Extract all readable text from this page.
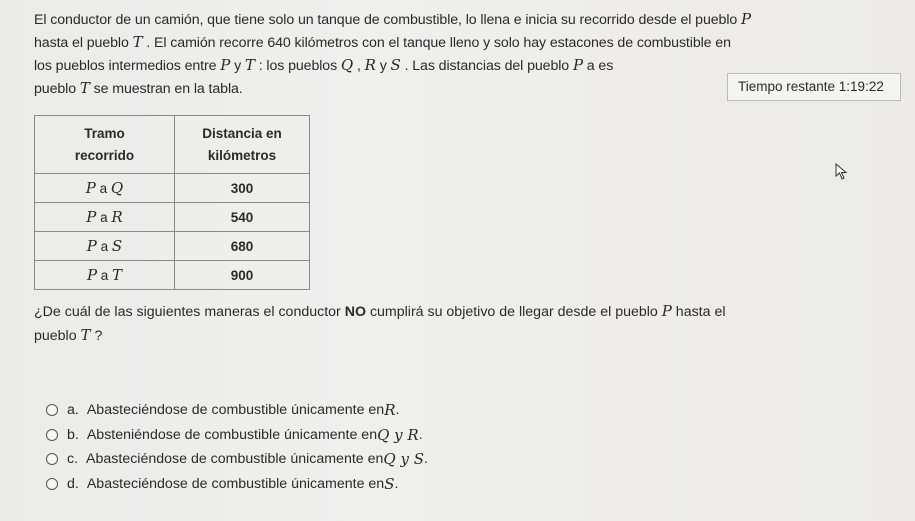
El conductor de un camión, que tiene solo un tanque de combustible, lo llena e inicia su recorrido desde el pueblo P
hasta el pueblo T . El camión recorre 640 kilómetros con el tanque lleno y solo hay estacones de combustible en
los pueblos intermedios entre P y T : los pueblos Q , R y S . Las distancias del pueblo P a es
pueblo T se muestran en la tabla.	Tiempo restante 1:19:22
Tramo
recorrido	Distancia en
kilómetros
P a Q	300
P a R	540
P a S	680
P a T	900
¿De cuál de las siguientes maneras el conductor NO cumplirá su objetivo de llegar desde el pueblo P hasta el
pueblo T ?
a. Abasteciéndose de combustible únicamente en R .
b. Absteniéndose de combustible únicamente en Q y R .
c. Abasteciéndose de combustible únicamente en Q y S .
d. Abasteciéndose de combustible únicamente en S .
